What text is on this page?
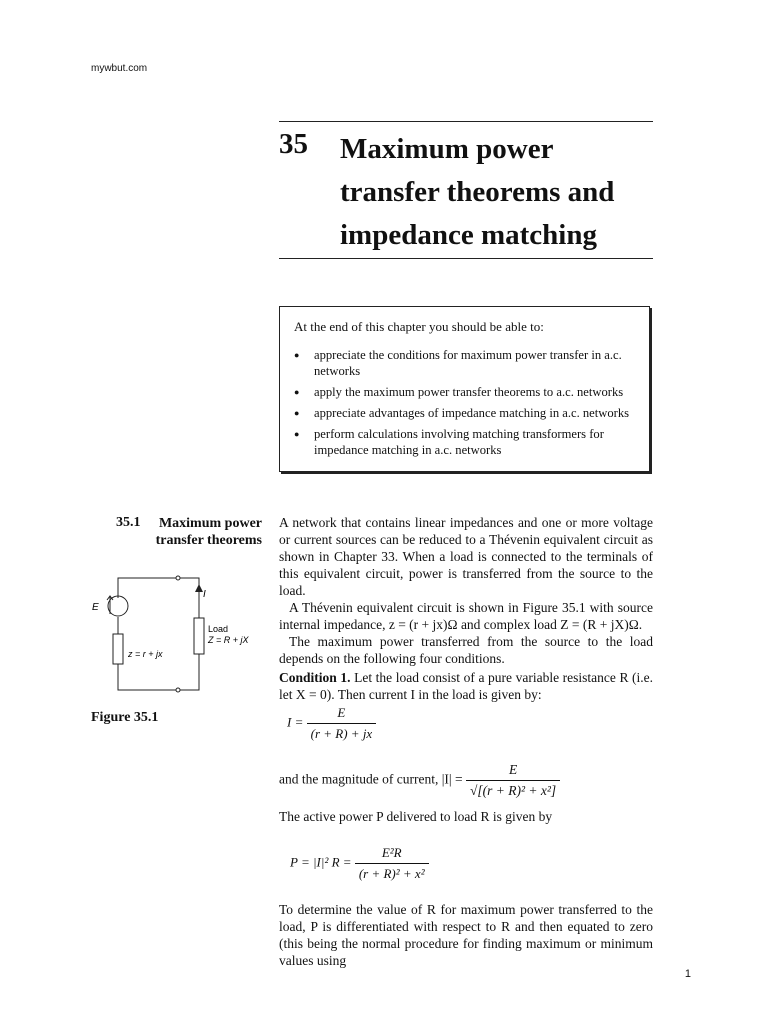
mywbut.com
35 Maximum power transfer theorems and impedance matching
At the end of this chapter you should be able to:
● appreciate the conditions for maximum power transfer in a.c. networks
● apply the maximum power transfer theorems to a.c. networks
● appreciate advantages of impedance matching in a.c. networks
● perform calculations involving matching transformers for impedance matching in a.c. networks
35.1	Maximum power transfer theorems
E
I
Load
Z = R + jX
z = r + jx
Figure 35.1

A network that contains linear impedances and one or more voltage or current sources can be reduced to a Thévenin equivalent circuit as shown in Chapter 33. When a load is connected to the terminals of this equivalent circuit, power is transferred from the source to the load.

A Thévenin equivalent circuit is shown in Figure 35.1 with source internal impedance, z = (r + jx)Ω and complex load Z = (R + jX)Ω.

The maximum power transferred from the source to the load depends on the following four conditions.

Condition 1. Let the load consist of a pure variable resistance R (i.e. let X = 0). Then current I in the load is given by:

$I = \frac{E}{(r + R) + jx}$
and the magnitude of current, $|I| = \frac{E}{\text{√[(r + R)² + x²]}}$
The active power P delivered to load R is given by
P = |I|² $R = \frac{\text{E²R}}{\text{(r + R)² + x²}}$
To determine the value of R for maximum power transferred to the load, P is differentiated with respect to R and then equated to zero (this being the normal procedure for finding maximum or minimum values using
1
